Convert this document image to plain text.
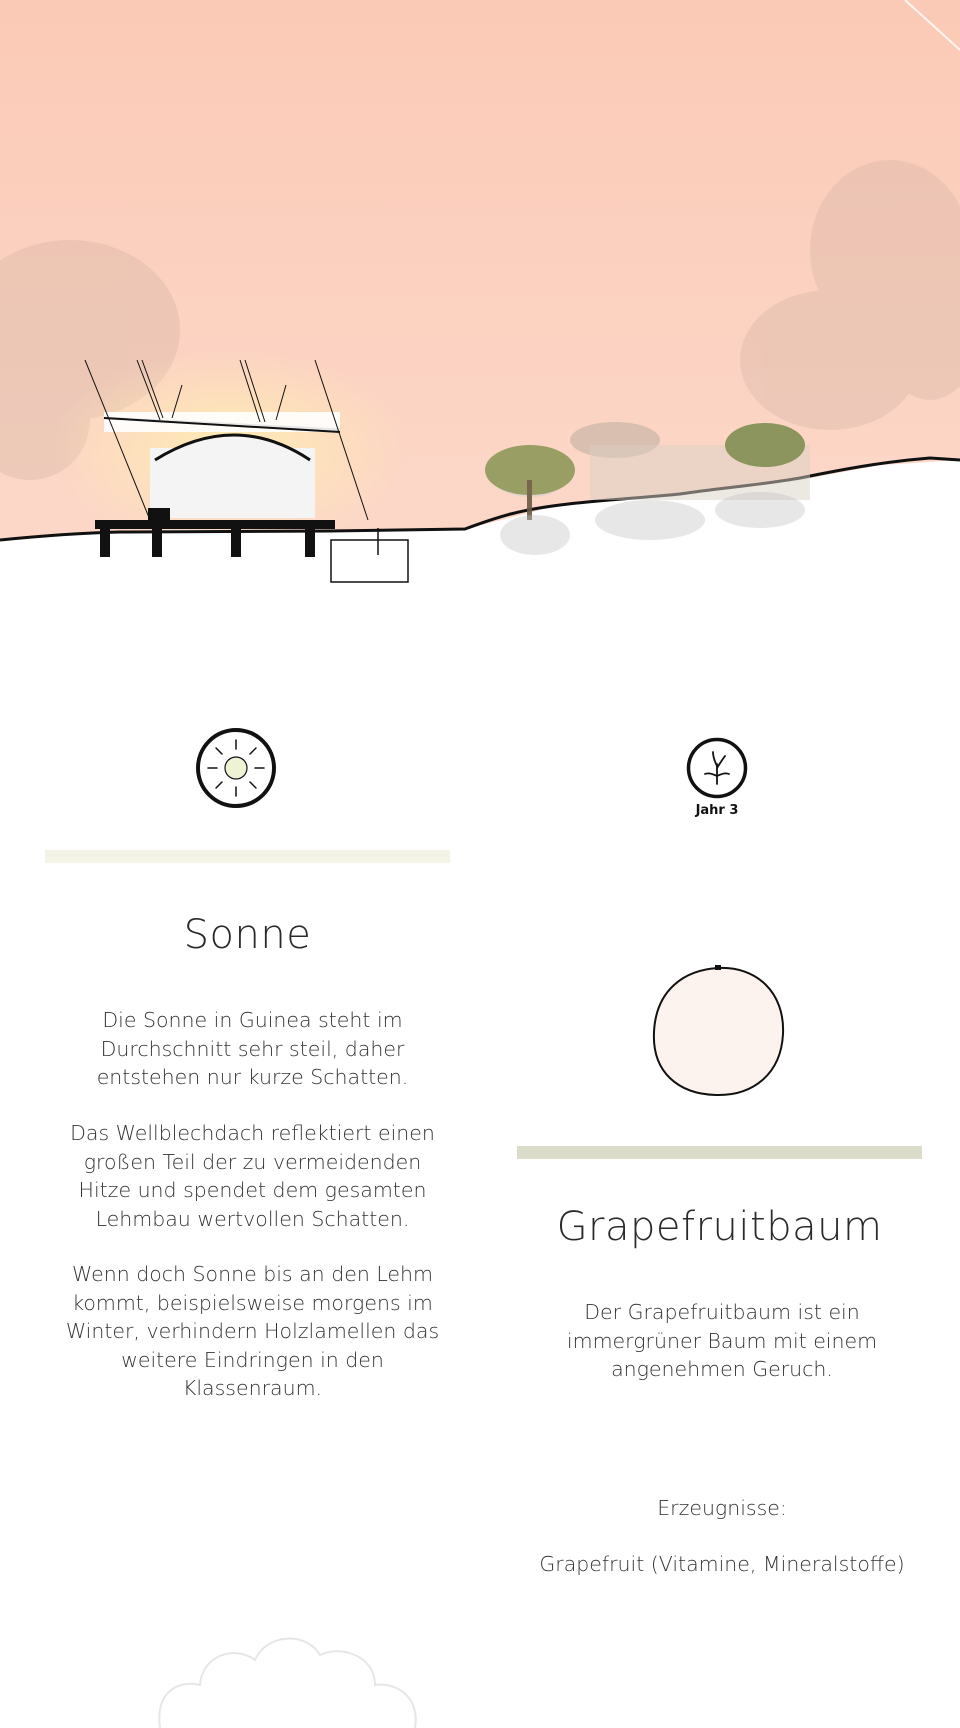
Sonne
Die Sonne in Guinea steht im
Durchschnitt sehr steil, daher
entstehen nur kurze Schatten.
Das Wellblechdach reflektiert einen
großen Teil der zu vermeidenden
Hitze und spendet dem gesamten
Lehmbau wertvollen Schatten.
Wenn doch Sonne bis an den Lehm
kommt, beispielsweise morgens im
Winter, verhindern Holzlamellen das
weitere Eindringen in den
Klassenraum.
Jahr 3
Grapefruitbaum
Der Grapefruitbaum ist ein
immergrüner Baum mit einem
angenehmen Geruch.
Erzeugnisse:
Grapefruit (Vitamine, Mineralstoffe)
